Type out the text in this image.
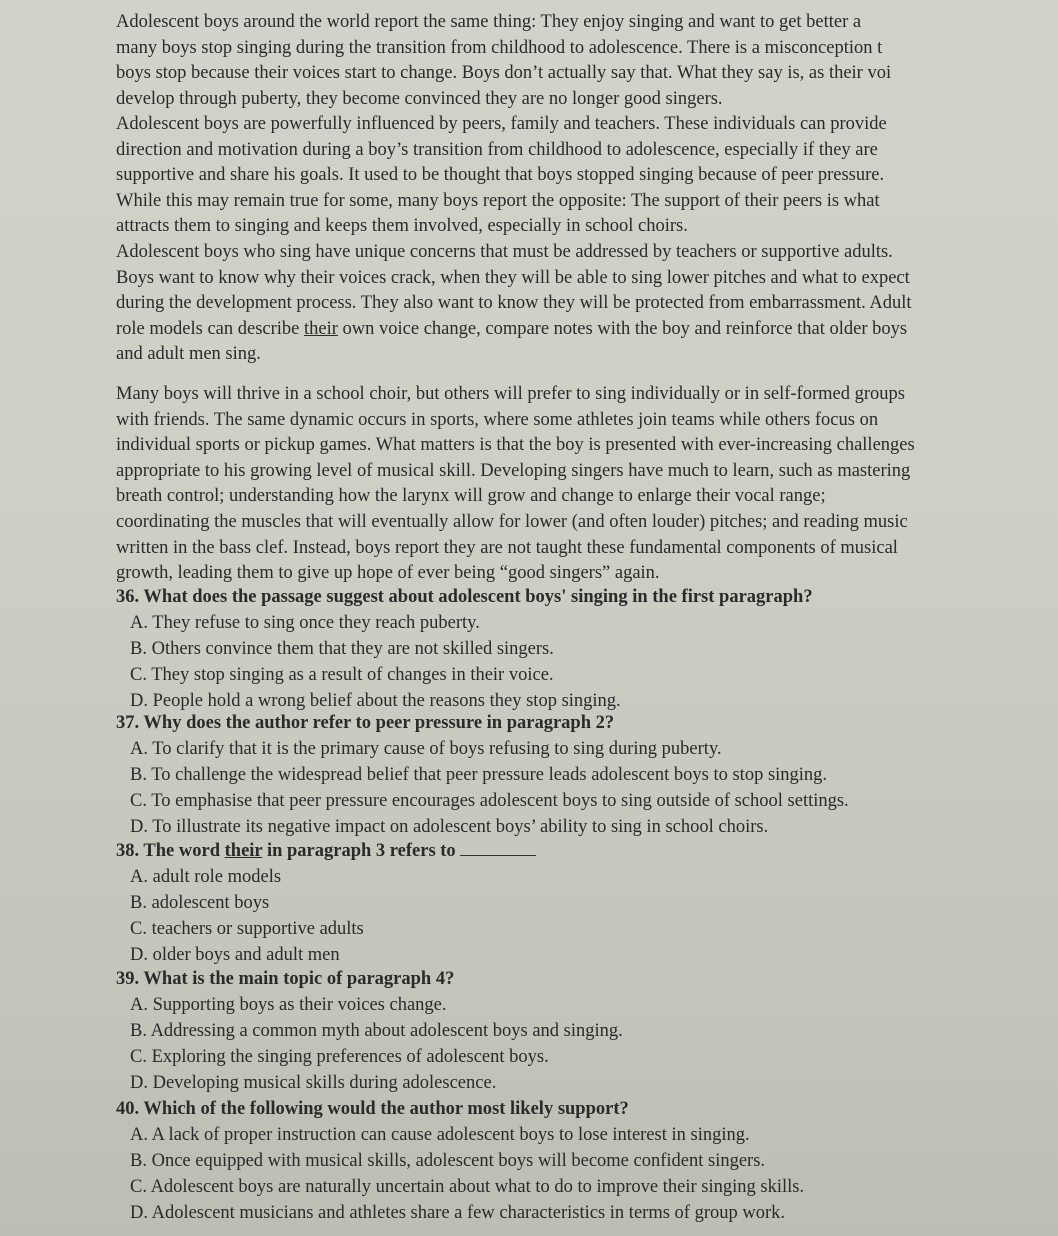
Adolescent boys around the world report the same thing: They enjoy singing and want to get better a
many boys stop singing during the transition from childhood to adolescence. There is a misconception t
boys stop because their voices start to change. Boys don’t actually say that. What they say is, as their voi
develop through puberty, they become convinced they are no longer good singers.
Adolescent boys are powerfully influenced by peers, family and teachers. These individuals can provide
direction and motivation during a boy’s transition from childhood to adolescence, especially if they are
supportive and share his goals. It used to be thought that boys stopped singing because of peer pressure.
While this may remain true for some, many boys report the opposite: The support of their peers is what
attracts them to singing and keeps them involved, especially in school choirs.
Adolescent boys who sing have unique concerns that must be addressed by teachers or supportive adults.
Boys want to know why their voices crack, when they will be able to sing lower pitches and what to expect
during the development process. They also want to know they will be protected from embarrassment. Adult
role models can describe their own voice change, compare notes with the boy and reinforce that older boys
and adult men sing.
Many boys will thrive in a school choir, but others will prefer to sing individually or in self-formed groups
with friends. The same dynamic occurs in sports, where some athletes join teams while others focus on
individual sports or pickup games. What matters is that the boy is presented with ever-increasing challenges
appropriate to his growing level of musical skill. Developing singers have much to learn, such as mastering
breath control; understanding how the larynx will grow and change to enlarge their vocal range;
coordinating the muscles that will eventually allow for lower (and often louder) pitches; and reading music
written in the bass clef. Instead, boys report they are not taught these fundamental components of musical
growth, leading them to give up hope of ever being “good singers” again.
36. What does the passage suggest about adolescent boys' singing in the first paragraph?
A. They refuse to sing once they reach puberty.
B. Others convince them that they are not skilled singers.
C. They stop singing as a result of changes in their voice.
D. People hold a wrong belief about the reasons they stop singing.
37. Why does the author refer to peer pressure in paragraph 2?
A. To clarify that it is the primary cause of boys refusing to sing during puberty.
B. To challenge the widespread belief that peer pressure leads adolescent boys to stop singing.
C. To emphasise that peer pressure encourages adolescent boys to sing outside of school settings.
D. To illustrate its negative impact on adolescent boys’ ability to sing in school choirs.
38. The word their in paragraph 3 refers to
A. adult role models
B. adolescent boys
C. teachers or supportive adults
D. older boys and adult men
39. What is the main topic of paragraph 4?
A. Supporting boys as their voices change.
B. Addressing a common myth about adolescent boys and singing.
C. Exploring the singing preferences of adolescent boys.
D. Developing musical skills during adolescence.
40. Which of the following would the author most likely support?
A. A lack of proper instruction can cause adolescent boys to lose interest in singing.
B. Once equipped with musical skills, adolescent boys will become confident singers.
C. Adolescent boys are naturally uncertain about what to do to improve their singing skills.
D. Adolescent musicians and athletes share a few characteristics in terms of group work.
